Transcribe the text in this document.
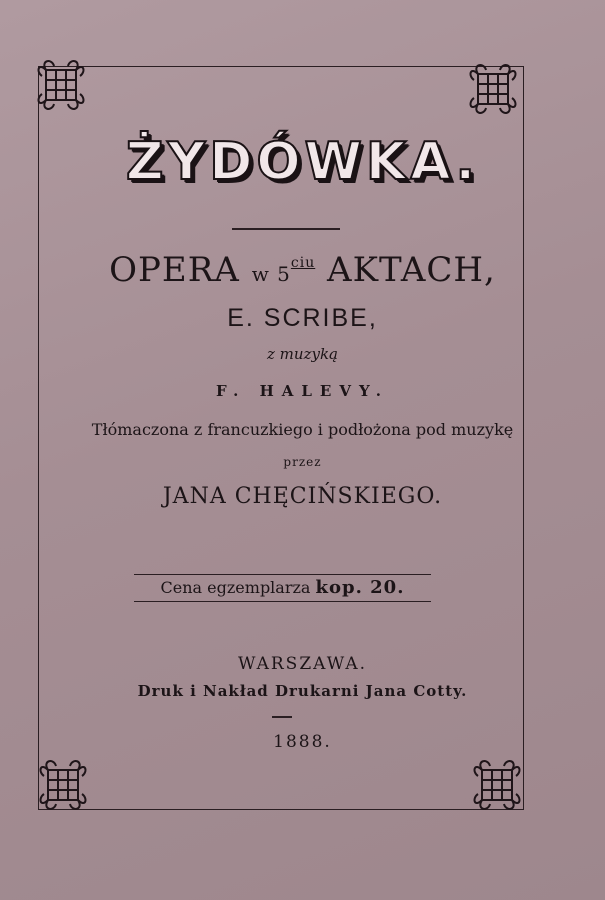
ŻYDÓWKA.
OPERA w $5^{ciu}$ AKTACH,
E. SCRIBE,
z muzyką
F. HALEVY.
Tłómaczona z francuzkiego i podłożona pod muzykę
przez
JANA CHĘCIŃSKIEGO.
Cena egzemplarza kop. 20.
WARSZAWA.
Druk i Nakład Drukarni Jana Cotty.
1888.
